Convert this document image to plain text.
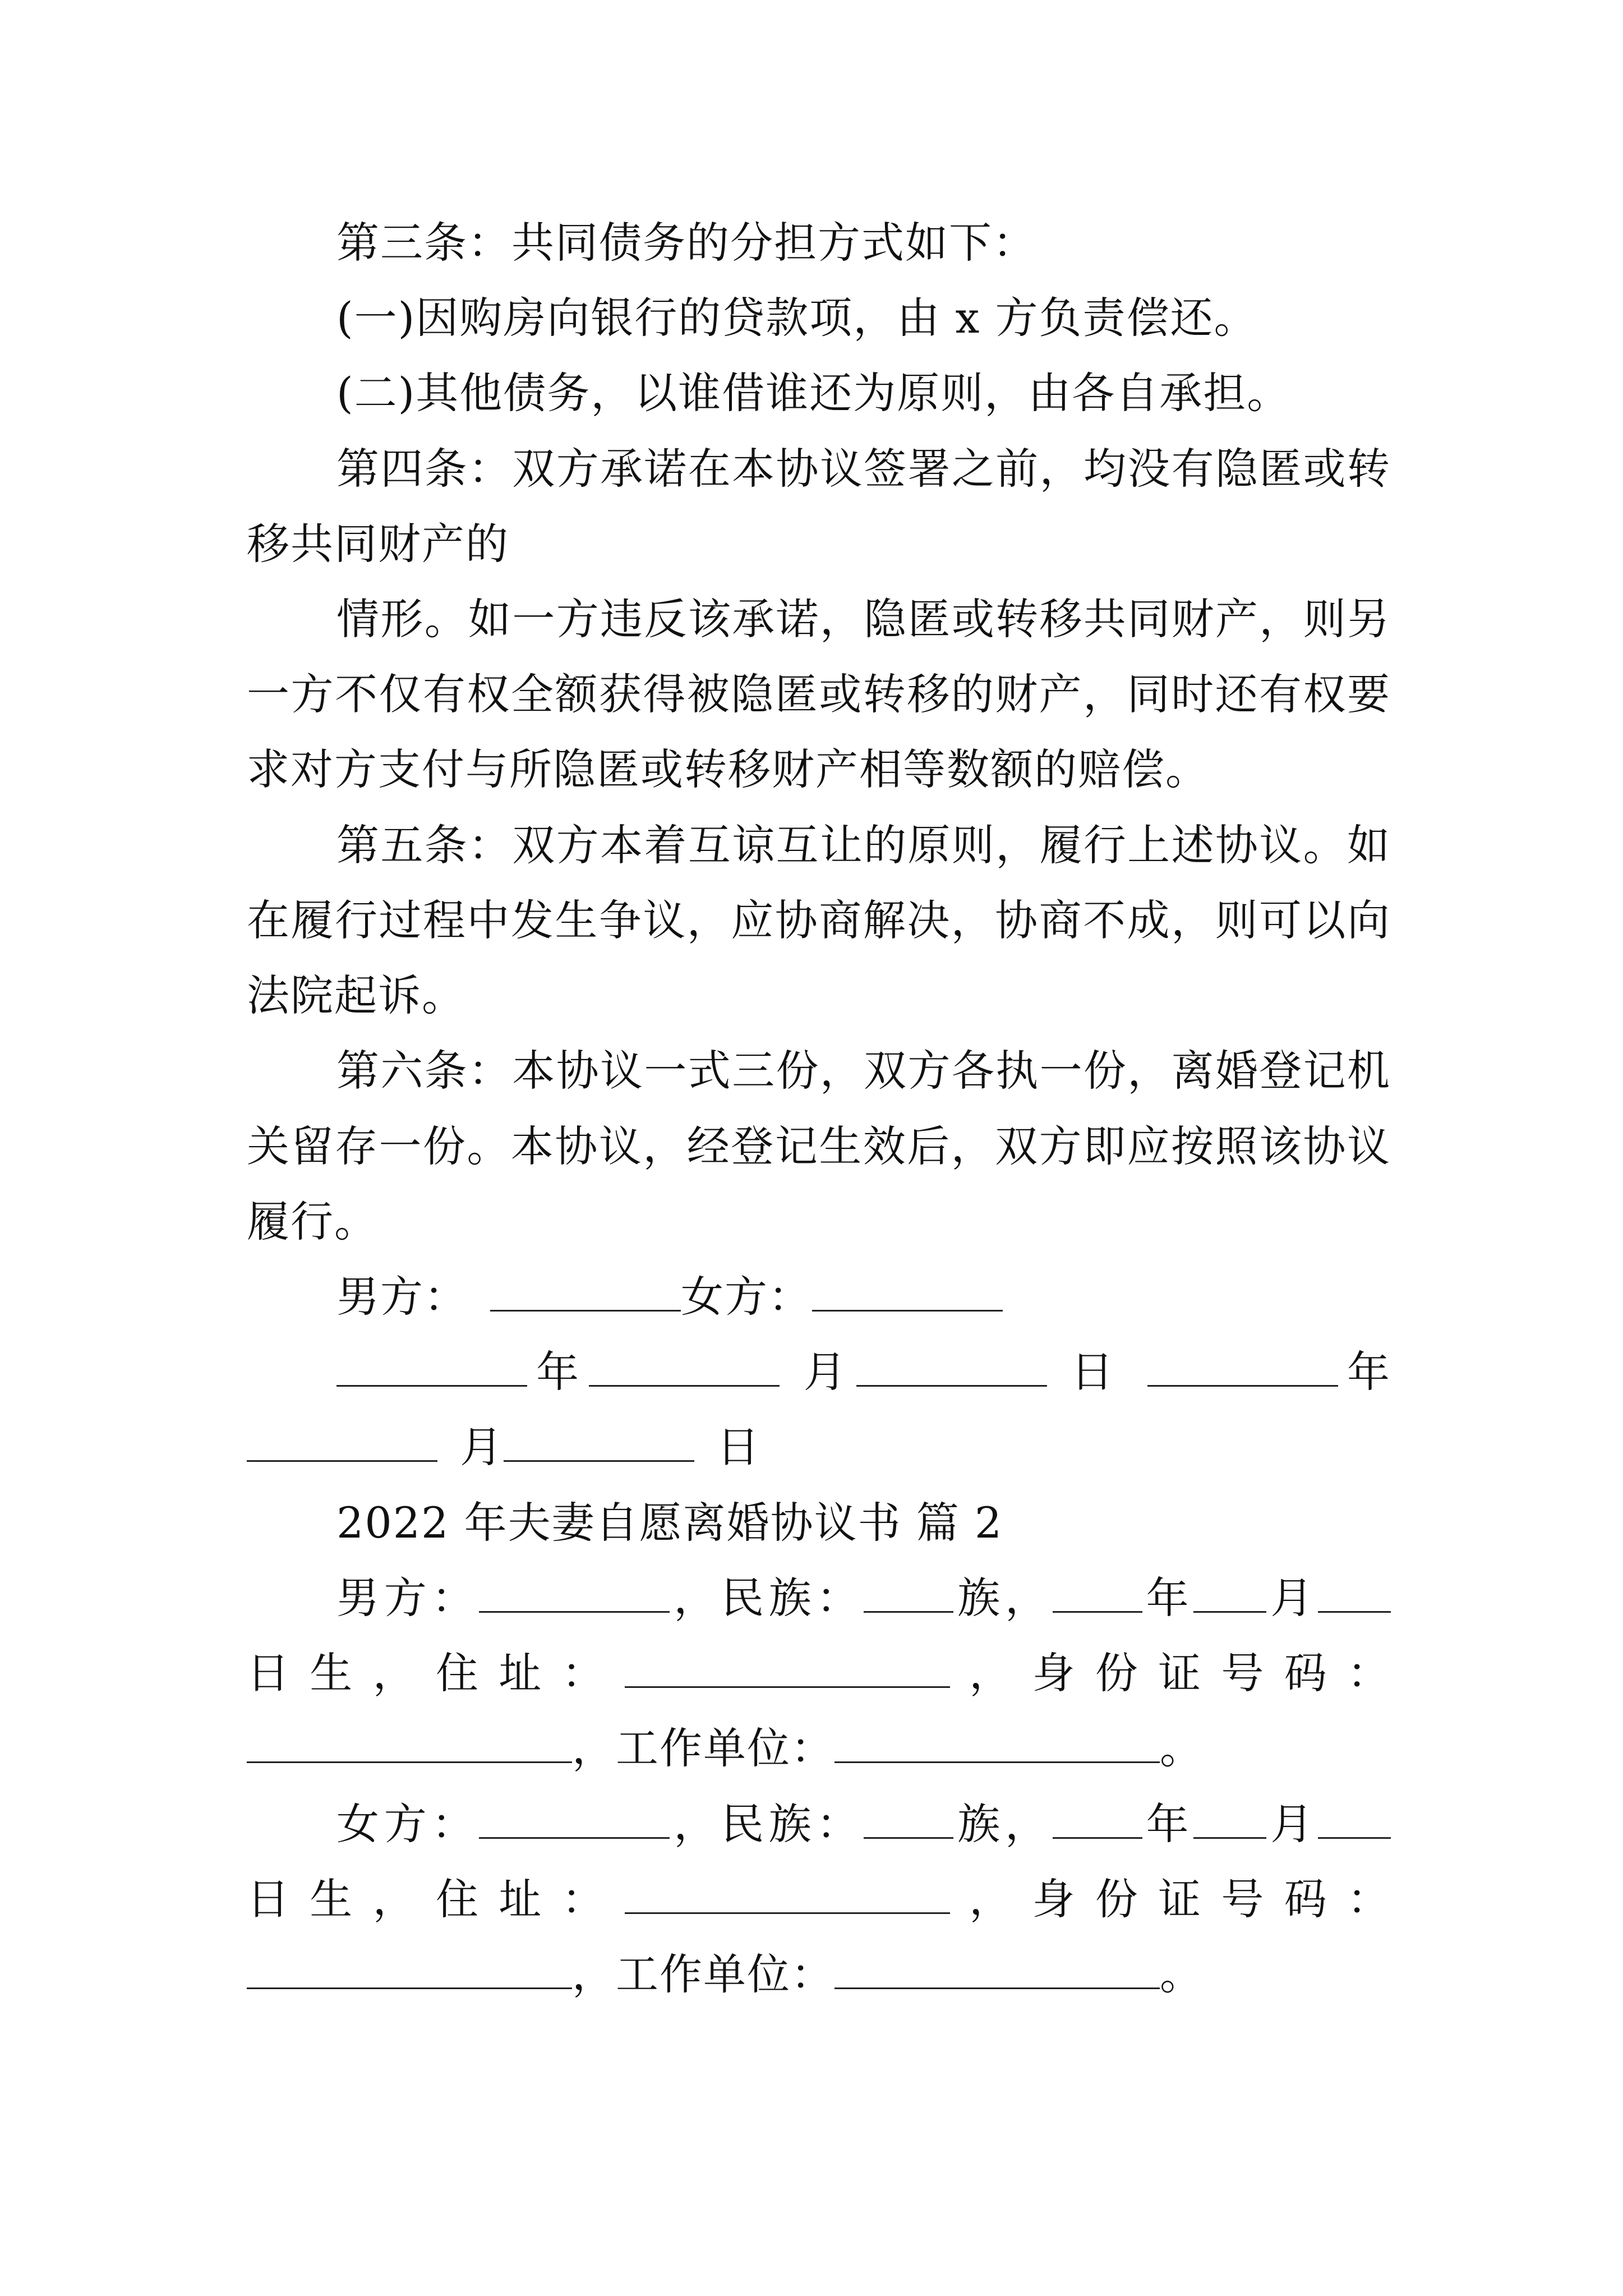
第三条：共同债务的分担方式如下：
(一)因购房向银行的贷款项，由 x 方负责偿还。
(二)其他债务，以谁借谁还为原则，由各自承担。
第四条：双方承诺在本协议签署之前，均没有隐匿或转
移共同财产的
情形。如一方违反该承诺，隐匿或转移共同财产，则另
一方不仅有权全额获得被隐匿或转移的财产，同时还有权要
求对方支付与所隐匿或转移财产相等数额的赔偿。
第五条：双方本着互谅互让的原则，履行上述协议。如
在履行过程中发生争议，应协商解决，协商不成，则可以向
法院起诉。
第六条：本协议一式三份，双方各执一份，离婚登记机
关留存一份。本协议，经登记生效后，双方即应按照该协议
履行。
男方：	女方：
年	月	日	年
月	日
2022 年夫妻自愿离婚协议书 篇 2
男方：	，民族： 族， 年 月
日生，住址：	，身份证号码：
，工作单位：	。
女方：	，民族： 族， 年 月
日生，住址：	，身份证号码：
，工作单位：	。
